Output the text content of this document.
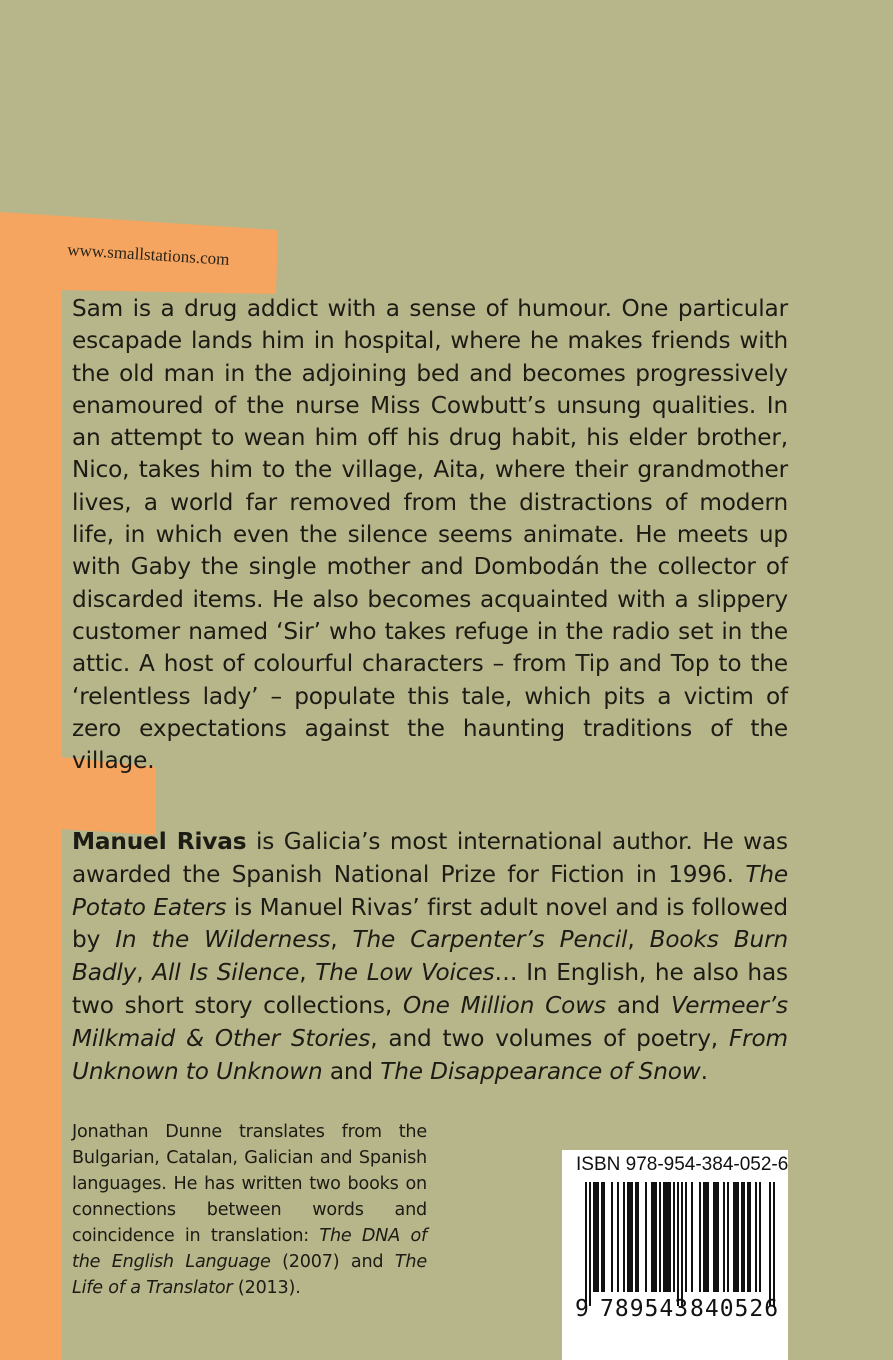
www.smallstations.com
Sam is a drug addict with a sense of humour. One particular escapade lands him in hospital, where he makes friends with the old man in the adjoining bed and becomes progressively enamoured of the nurse Miss Cowbutt’s unsung qualities. In an attempt to wean him off his drug habit, his elder brother, Nico, takes him to the village, Aita, where their grandmother lives, a world far removed from the distractions of modern life, in which even the silence seems animate. He meets up with Gaby the single mother and Dombodán the collector of discarded items. He also becomes acquainted with a slippery customer named ‘Sir’ who takes refuge in the radio set in the attic. A host of colourful characters – from Tip and Top to the ‘relentless lady’ – populate this tale, which pits a victim of zero expectations against the haunting traditions of the village.

Manuel Rivas is Galicia’s most international author. He was awarded the Spanish National Prize for Fiction in 1996. The Potato Eaters is Manuel Rivas’ first adult novel and is followed by In the Wilderness, The Carpenter’s Pencil, Books Burn Badly, All Is Silence, The Low Voices… In English, he also has two short story collections, One Million Cows and Vermeer’s Milkmaid & Other Stories, and two volumes of poetry, From Unknown to Unknown and The Disappearance of Snow.

Jonathan Dunne translates from the Bulgarian, Catalan, Galician and Spanish languages. He has written two books on connections between words and coincidence in translation: The DNA of the English Language (2007) and The Life of a Translator (2013).

ISBN 978-954-384-052-6
9 789543 840526
